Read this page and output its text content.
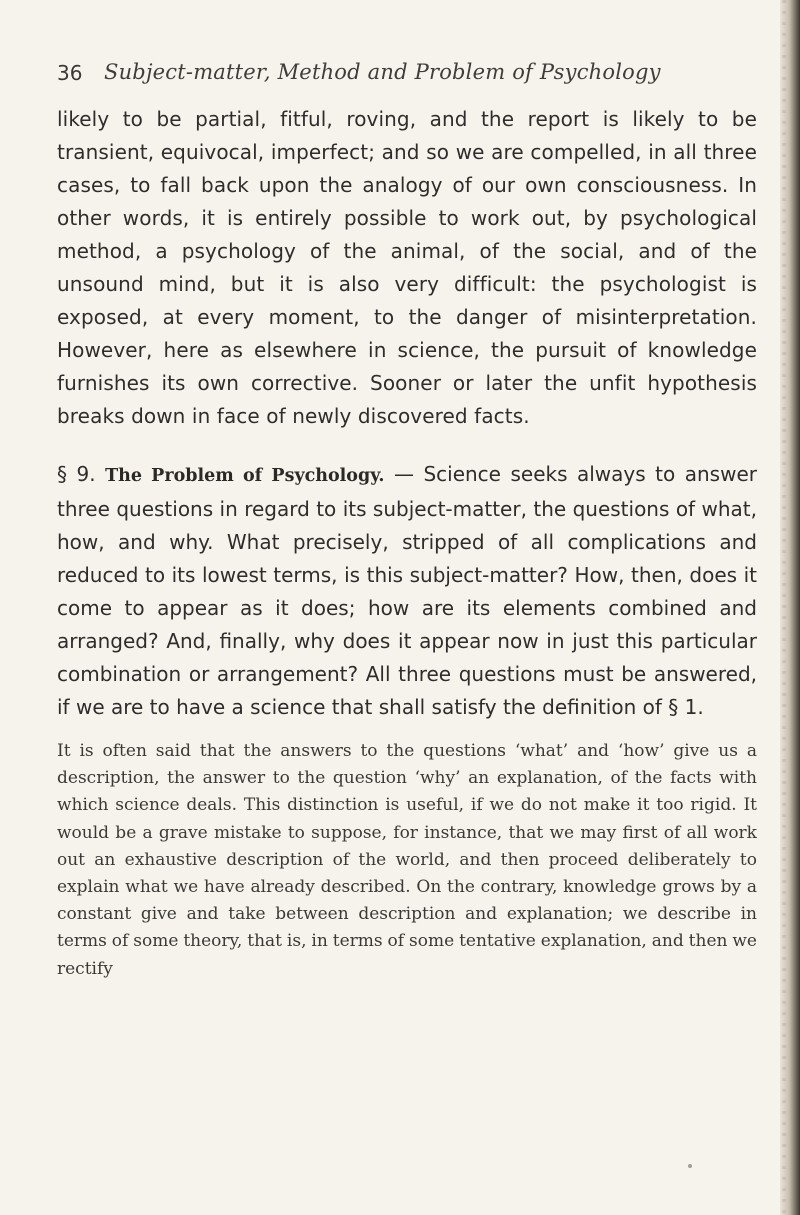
36 Subject-matter, Method and Problem of Psychology

likely to be partial, fitful, roving, and the report is likely to be transient, equivocal, imperfect; and so we are compelled, in all three cases, to fall back upon the analogy of our own consciousness. In other words, it is entirely possible to work out, by psychological method, a psychology of the animal, of the social, and of the unsound mind, but it is also very difficult: the psychologist is exposed, at every moment, to the danger of misinterpretation. However, here as elsewhere in science, the pursuit of knowledge furnishes its own corrective. Sooner or later the unfit hypothesis breaks down in face of newly discovered facts.

§ 9. The Problem of Psychology. — Science seeks always to answer three questions in regard to its subject-matter, the questions of what, how, and why. What precisely, stripped of all complications and reduced to its lowest terms, is this subject-matter? How, then, does it come to appear as it does; how are its elements combined and arranged? And, finally, why does it appear now in just this particular combination or arrangement? All three questions must be answered, if we are to have a science that shall satisfy the definition of § 1.

It is often said that the answers to the questions ‘what’ and ‘how’ give us a description, the answer to the question ‘why’ an explanation, of the facts with which science deals. This distinction is useful, if we do not make it too rigid. It would be a grave mistake to suppose, for instance, that we may first of all work out an exhaustive description of the world, and then proceed deliberately to explain what we have already described. On the contrary, knowledge grows by a constant give and take between description and explanation; we describe in terms of some theory, that is, in terms of some tentative explanation, and then we rectify
